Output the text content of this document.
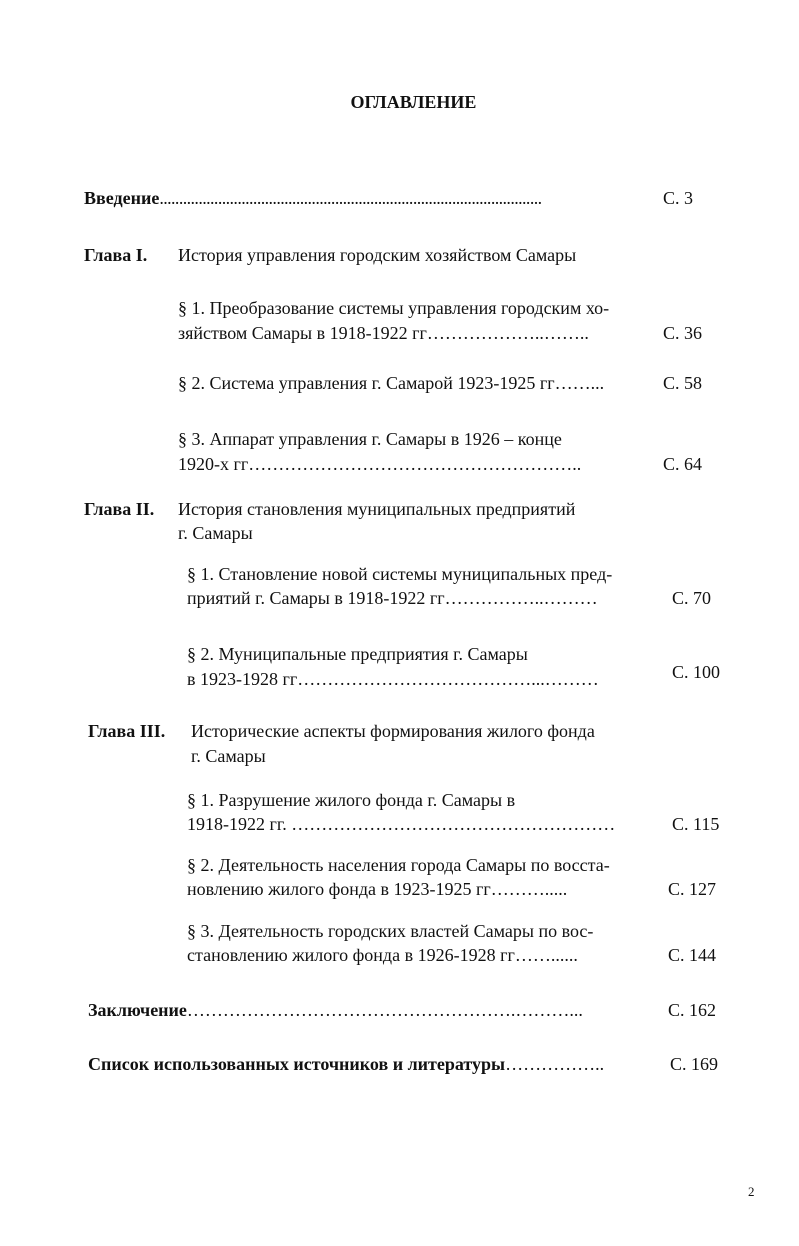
ОГЛАВЛЕНИЕ
Введение..................................................................................................	С. 3
Глава I. История управления городским хозяйством Самары
§ 1. Преобразование системы управления городским хо-
зяйством Самары в 1918-1922 гг………………..……..	С. 36
§ 2. Система управления г. Самарой 1923-1925 гг……...	С. 58
§ 3. Аппарат управления г. Самары в 1926 – конце
1920-х гг………………………………………………..	С. 64
Глава II. История становления муниципальных предприятий
г. Самары
§ 1. Становление новой системы муниципальных пред-
приятий г. Самары в 1918-1922 гг……………..………	С. 70
§ 2. Муниципальные предприятия г. Самары
в 1923-1928 гг…………………………………...………	С. 100
Глава III. Исторические аспекты формирования жилого фонда
г. Самары
§ 1. Разрушение жилого фонда г. Самары в
1918-1922 гг. ………………………………………………	С. 115
§ 2. Деятельность населения города Самары по восста-
новлению жилого фонда в 1923-1925 гг……….....	С. 127
§ 3. Деятельность городских властей Самары по вос-
становлению жилого фонда в 1926-1928 гг……......	С. 144
Заключение……………………………………………….………...	С. 162
Список использованных источников и литературы……………..	С. 169
2
